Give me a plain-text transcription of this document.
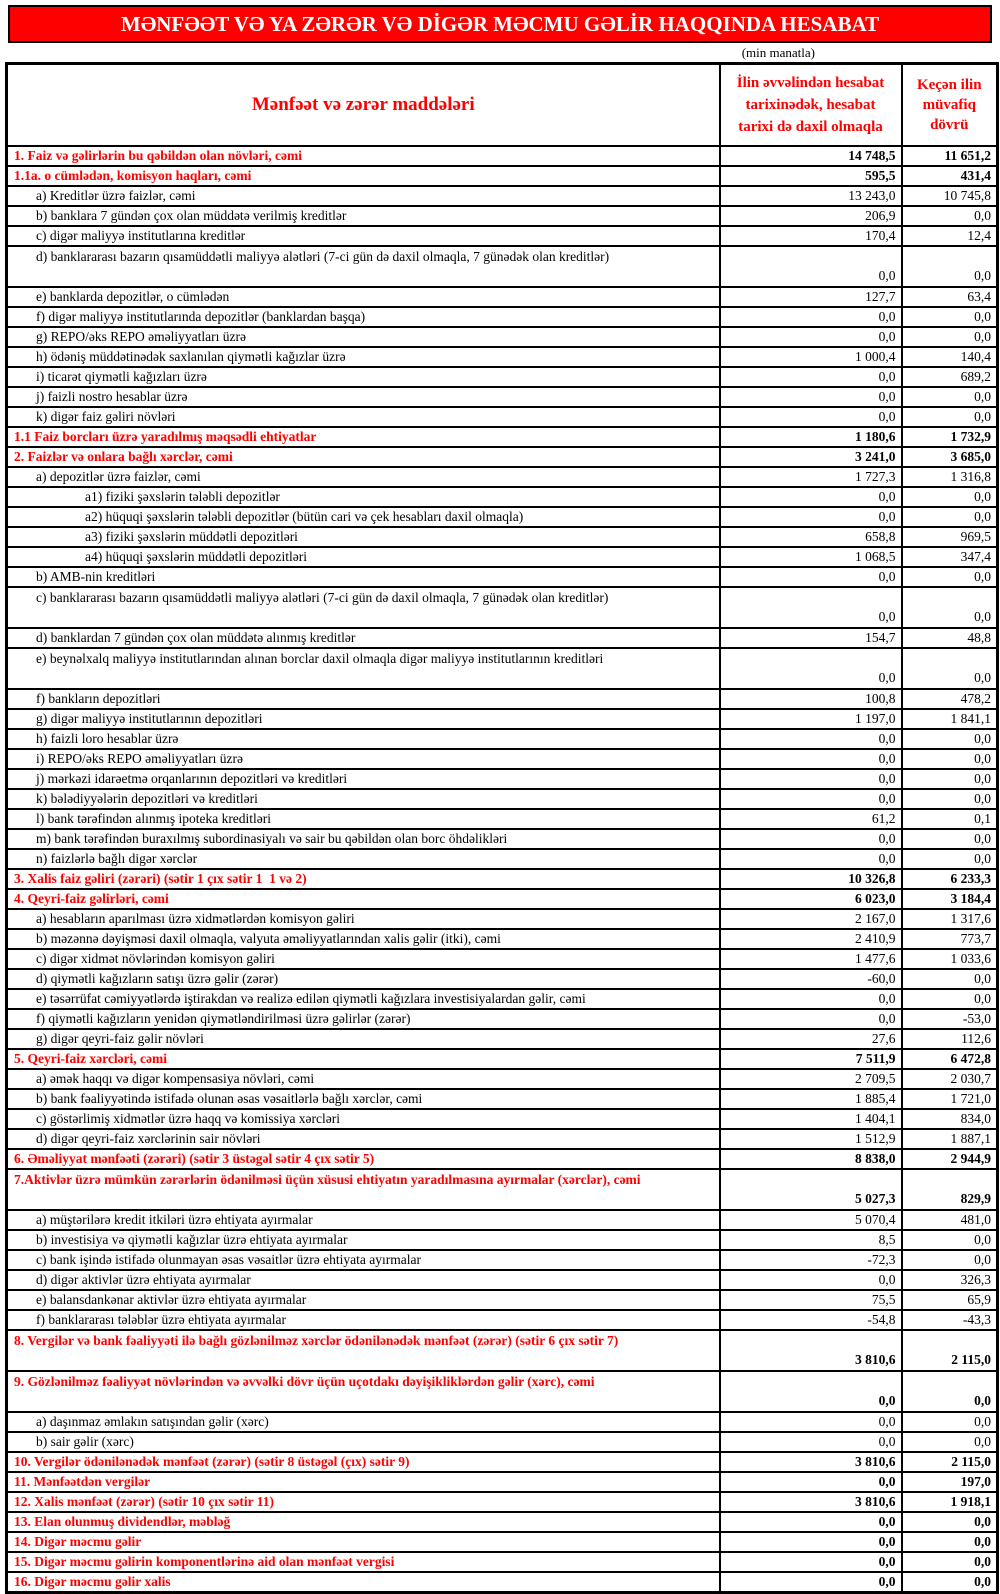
MƏNFƏƏT VƏ YA ZƏRƏR VƏ DİGƏR MƏCMU GƏLİR HAQQINDA HESABAT
(min manatla)
Mənfəət və zərər maddələri	İlin əvvəlindən hesabat tarixinədək, hesabat tarixi də daxil olmaqla	Keçən ilin müvafiq dövrü
1. Faiz və gəlirlərin bu qəbildən olan növləri, cəmi	14 748,5	11 651,2
1.1a. o cümlədən, komisyon haqları, cəmi	595,5	431,4
a) Kreditlər üzrə faizlər, cəmi	13 243,0	10 745,8
b) banklara 7 gündən çox olan müddətə verilmiş kreditlər	206,9	0,0
c) digər maliyyə institutlarına kreditlər	170,4	12,4
d) banklararası bazarın qısamüddətli maliyyə alətləri (7-ci gün də daxil olmaqla, 7 günədək olan kreditlər)	0,0	0,0
e) banklarda depozitlər, o cümlədən	127,7	63,4
f) digər maliyyə institutlarında depozitlər (banklardan başqa)	0,0	0,0
g) REPO/əks REPO əməliyyatları üzrə	0,0	0,0
h) ödəniş müddətinədək saxlanılan qiymətli kağızlar üzrə	1 000,4	140,4
i) ticarət qiymətli kağızları üzrə	0,0	689,2
j) faizli nostro hesablar üzrə	0,0	0,0
k) digər faiz gəliri növləri	0,0	0,0
1.1 Faiz borcları üzrə yaradılmış məqsədli ehtiyatlar	1 180,6	1 732,9
2. Faizlər və onlara bağlı xərclər, cəmi	3 241,0	3 685,0
a) depozitlər üzrə faizlər, cəmi	1 727,3	1 316,8
a1) fiziki şəxslərin tələbli depozitlər	0,0	0,0
a2) hüquqi şəxslərin tələbli depozitlər (bütün cari və çek hesabları daxil olmaqla)	0,0	0,0
a3) fiziki şəxslərin müddətli depozitləri	658,8	969,5
a4) hüquqi şəxslərin müddətli depozitləri	1 068,5	347,4
b) AMB-nin kreditləri	0,0	0,0
c) banklararası bazarın qısamüddətli maliyyə alətləri (7-ci gün də daxil olmaqla, 7 günədək olan kreditlər)	0,0	0,0
d) banklardan 7 gündən çox olan müddətə alınmış kreditlər	154,7	48,8
e) beynəlxalq maliyyə institutlarından alınan borclar daxil olmaqla digər maliyyə institutlarının kreditləri	0,0	0,0
f) bankların depozitləri	100,8	478,2
g) digər maliyyə institutlarının depozitləri	1 197,0	1 841,1
h) faizli loro hesablar üzrə	0,0	0,0
i) REPO/əks REPO əməliyyatları üzrə	0,0	0,0
j) mərkəzi idarəetmə orqanlarının depozitləri və kreditləri	0,0	0,0
k) bələdiyyələrin depozitləri və kreditləri	0,0	0,0
l) bank tərəfindən alınmış ipoteka kreditləri	61,2	0,1
m) bank tərəfindən buraxılmış subordinasiyalı və sair bu qəbildən olan borc öhdəlikləri	0,0	0,0
n) faizlərlə bağlı digər xərclər	0,0	0,0
3. Xalis faiz gəliri (zərəri) (sətir 1 çıx sətir 1  1 və 2)	10 326,8	6 233,3
4. Qeyri-faiz gəlirləri, cəmi	6 023,0	3 184,4
a) hesabların aparılması üzrə xidmətlərdən komisyon gəliri	2 167,0	1 317,6
b) məzənnə dəyişməsi daxil olmaqla, valyuta əməliyyatlarından xalis gəlir (itki), cəmi	2 410,9	773,7
c) digər xidmət növlərindən komisyon gəliri	1 477,6	1 033,6
d) qiymətli kağızların satışı üzrə gəlir (zərər)	-60,0	0,0
e) təsərrüfat cəmiyyətlərdə iştirakdan və realizə edilən qiymətli kağızlara investisiyalardan gəlir, cəmi	0,0	0,0
f) qiymətli kağızların yenidən qiymətləndirilməsi üzrə gəlirlər (zərər)	0,0	-53,0
g) digər qeyri-faiz gəlir növləri	27,6	112,6
5. Qeyri-faiz xərcləri, cəmi	7 511,9	6 472,8
a) əmək haqqı və digər kompensasiya növləri, cəmi	2 709,5	2 030,7
b) bank fəaliyyətində istifadə olunan əsas vəsaitlərlə bağlı xərclər, cəmi	1 885,4	1 721,0
c) göstərlimiş xidmətlər üzrə haqq və komissiya xərcləri	1 404,1	834,0
d) digər qeyri-faiz xərclərinin sair növləri	1 512,9	1 887,1
6. Əməliyyat mənfəəti (zərəri) (sətir 3 üstəgəl sətir 4 çıx sətir 5)	8 838,0	2 944,9
7.Aktivlər üzrə mümkün zərərlərin ödənilməsi üçün xüsusi ehtiyatın yaradılmasına ayırmalar (xərclər), cəmi	5 027,3	829,9
a) müştərilərə kredit itkiləri üzrə ehtiyata ayırmalar	5 070,4	481,0
b) investisiya və qiymətli kağızlar üzrə ehtiyata ayırmalar	8,5	0,0
c) bank işində istifadə olunmayan əsas vəsaitlər üzrə ehtiyata ayırmalar	-72,3	0,0
d) digər aktivlər üzrə ehtiyata ayırmalar	0,0	326,3
e) balansdankənar aktivlər üzrə ehtiyata ayırmalar	75,5	65,9
f) banklararası tələblər üzrə ehtiyata ayırmalar	-54,8	-43,3
8. Vergilər və bank fəaliyyəti ilə bağlı gözlənilməz xərclər ödənilənədək mənfəət (zərər) (sətir 6 çıx sətir 7)	3 810,6	2 115,0
9. Gözlənilməz fəaliyyət növlərindən və əvvəlki dövr üçün uçotdakı dəyişikliklərdən gəlir (xərc), cəmi	0,0	0,0
a) daşınmaz əmlakın satışından gəlir (xərc)	0,0	0,0
b) sair gəlir (xərc)	0,0	0,0
10. Vergilər ödənilənədək mənfəət (zərər) (sətir 8 üstəgəl (çıx) sətir 9)	3 810,6	2 115,0
11. Mənfəətdən vergilər	0,0	197,0
12. Xalis mənfəət (zərər) (sətir 10 çıx sətir 11)	3 810,6	1 918,1
13. Elan olunmuş dividendlər, məbləğ	0,0	0,0
14. Digər məcmu gəlir	0,0	0,0
15. Digər məcmu gəlirin komponentlərinə aid olan mənfəət vergisi	0,0	0,0
16. Digər məcmu gəlir xalis	0,0	0,0
